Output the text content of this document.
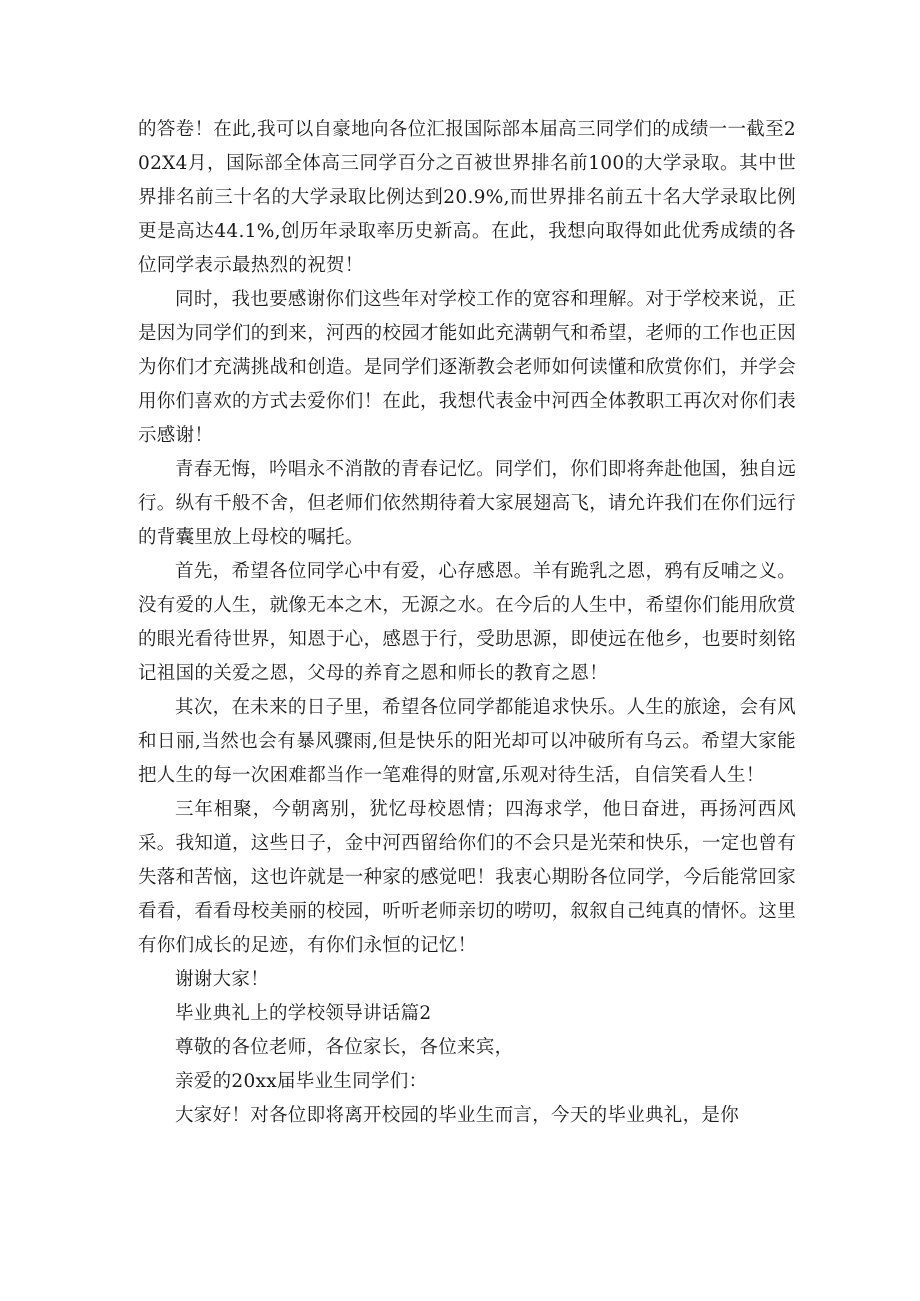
的答卷！在此,我可以自豪地向各位汇报国际部本届高三同学们的成绩一一截至202X4月，国际部全体高三同学百分之百被世界排名前100的大学录取。其中世界排名前三十名的大学录取比例达到20.9%,而世界排名前五十名大学录取比例更是高达44.1%,创历年录取率历史新高。在此，我想向取得如此优秀成绩的各位同学表示最热烈的祝贺！

同时，我也要感谢你们这些年对学校工作的宽容和理解。对于学校来说，正是因为同学们的到来，河西的校园才能如此充满朝气和希望，老师的工作也正因为你们才充满挑战和创造。是同学们逐渐教会老师如何读懂和欣赏你们，并学会用你们喜欢的方式去爱你们！在此，我想代表金中河西全体教职工再次对你们表示感谢！

青春无悔，吟唱永不消散的青春记忆。同学们，你们即将奔赴他国，独自远行。纵有千般不舍，但老师们依然期待着大家展翅高飞，请允许我们在你们远行的背囊里放上母校的嘱托。

首先，希望各位同学心中有爱，心存感恩。羊有跪乳之恩，鸦有反哺之义。没有爱的人生，就像无本之木，无源之水。在今后的人生中，希望你们能用欣赏的眼光看待世界，知恩于心，感恩于行，受助思源，即使远在他乡，也要时刻铭记祖国的关爱之恩，父母的养育之恩和师长的教育之恩！

其次，在未来的日子里，希望各位同学都能追求快乐。人生的旅途，会有风和日丽,当然也会有暴风骤雨,但是快乐的阳光却可以冲破所有乌云。希望大家能把人生的每一次困难都当作一笔难得的财富,乐观对待生活，自信笑看人生！

三年相聚，今朝离别，犹忆母校恩情；四海求学，他日奋进，再扬河西风采。我知道，这些日子，金中河西留给你们的不会只是光荣和快乐，一定也曾有失落和苦恼，这也许就是一种家的感觉吧！我衷心期盼各位同学，今后能常回家看看，看看母校美丽的校园，听听老师亲切的唠叨，叙叙自己纯真的情怀。这里有你们成长的足迹，有你们永恒的记忆！

谢谢大家！

毕业典礼上的学校领导讲话篇2

尊敬的各位老师，各位家长，各位来宾，

亲爱的20xx届毕业生同学们：

大家好！对各位即将离开校园的毕业生而言，今天的毕业典礼，是你
